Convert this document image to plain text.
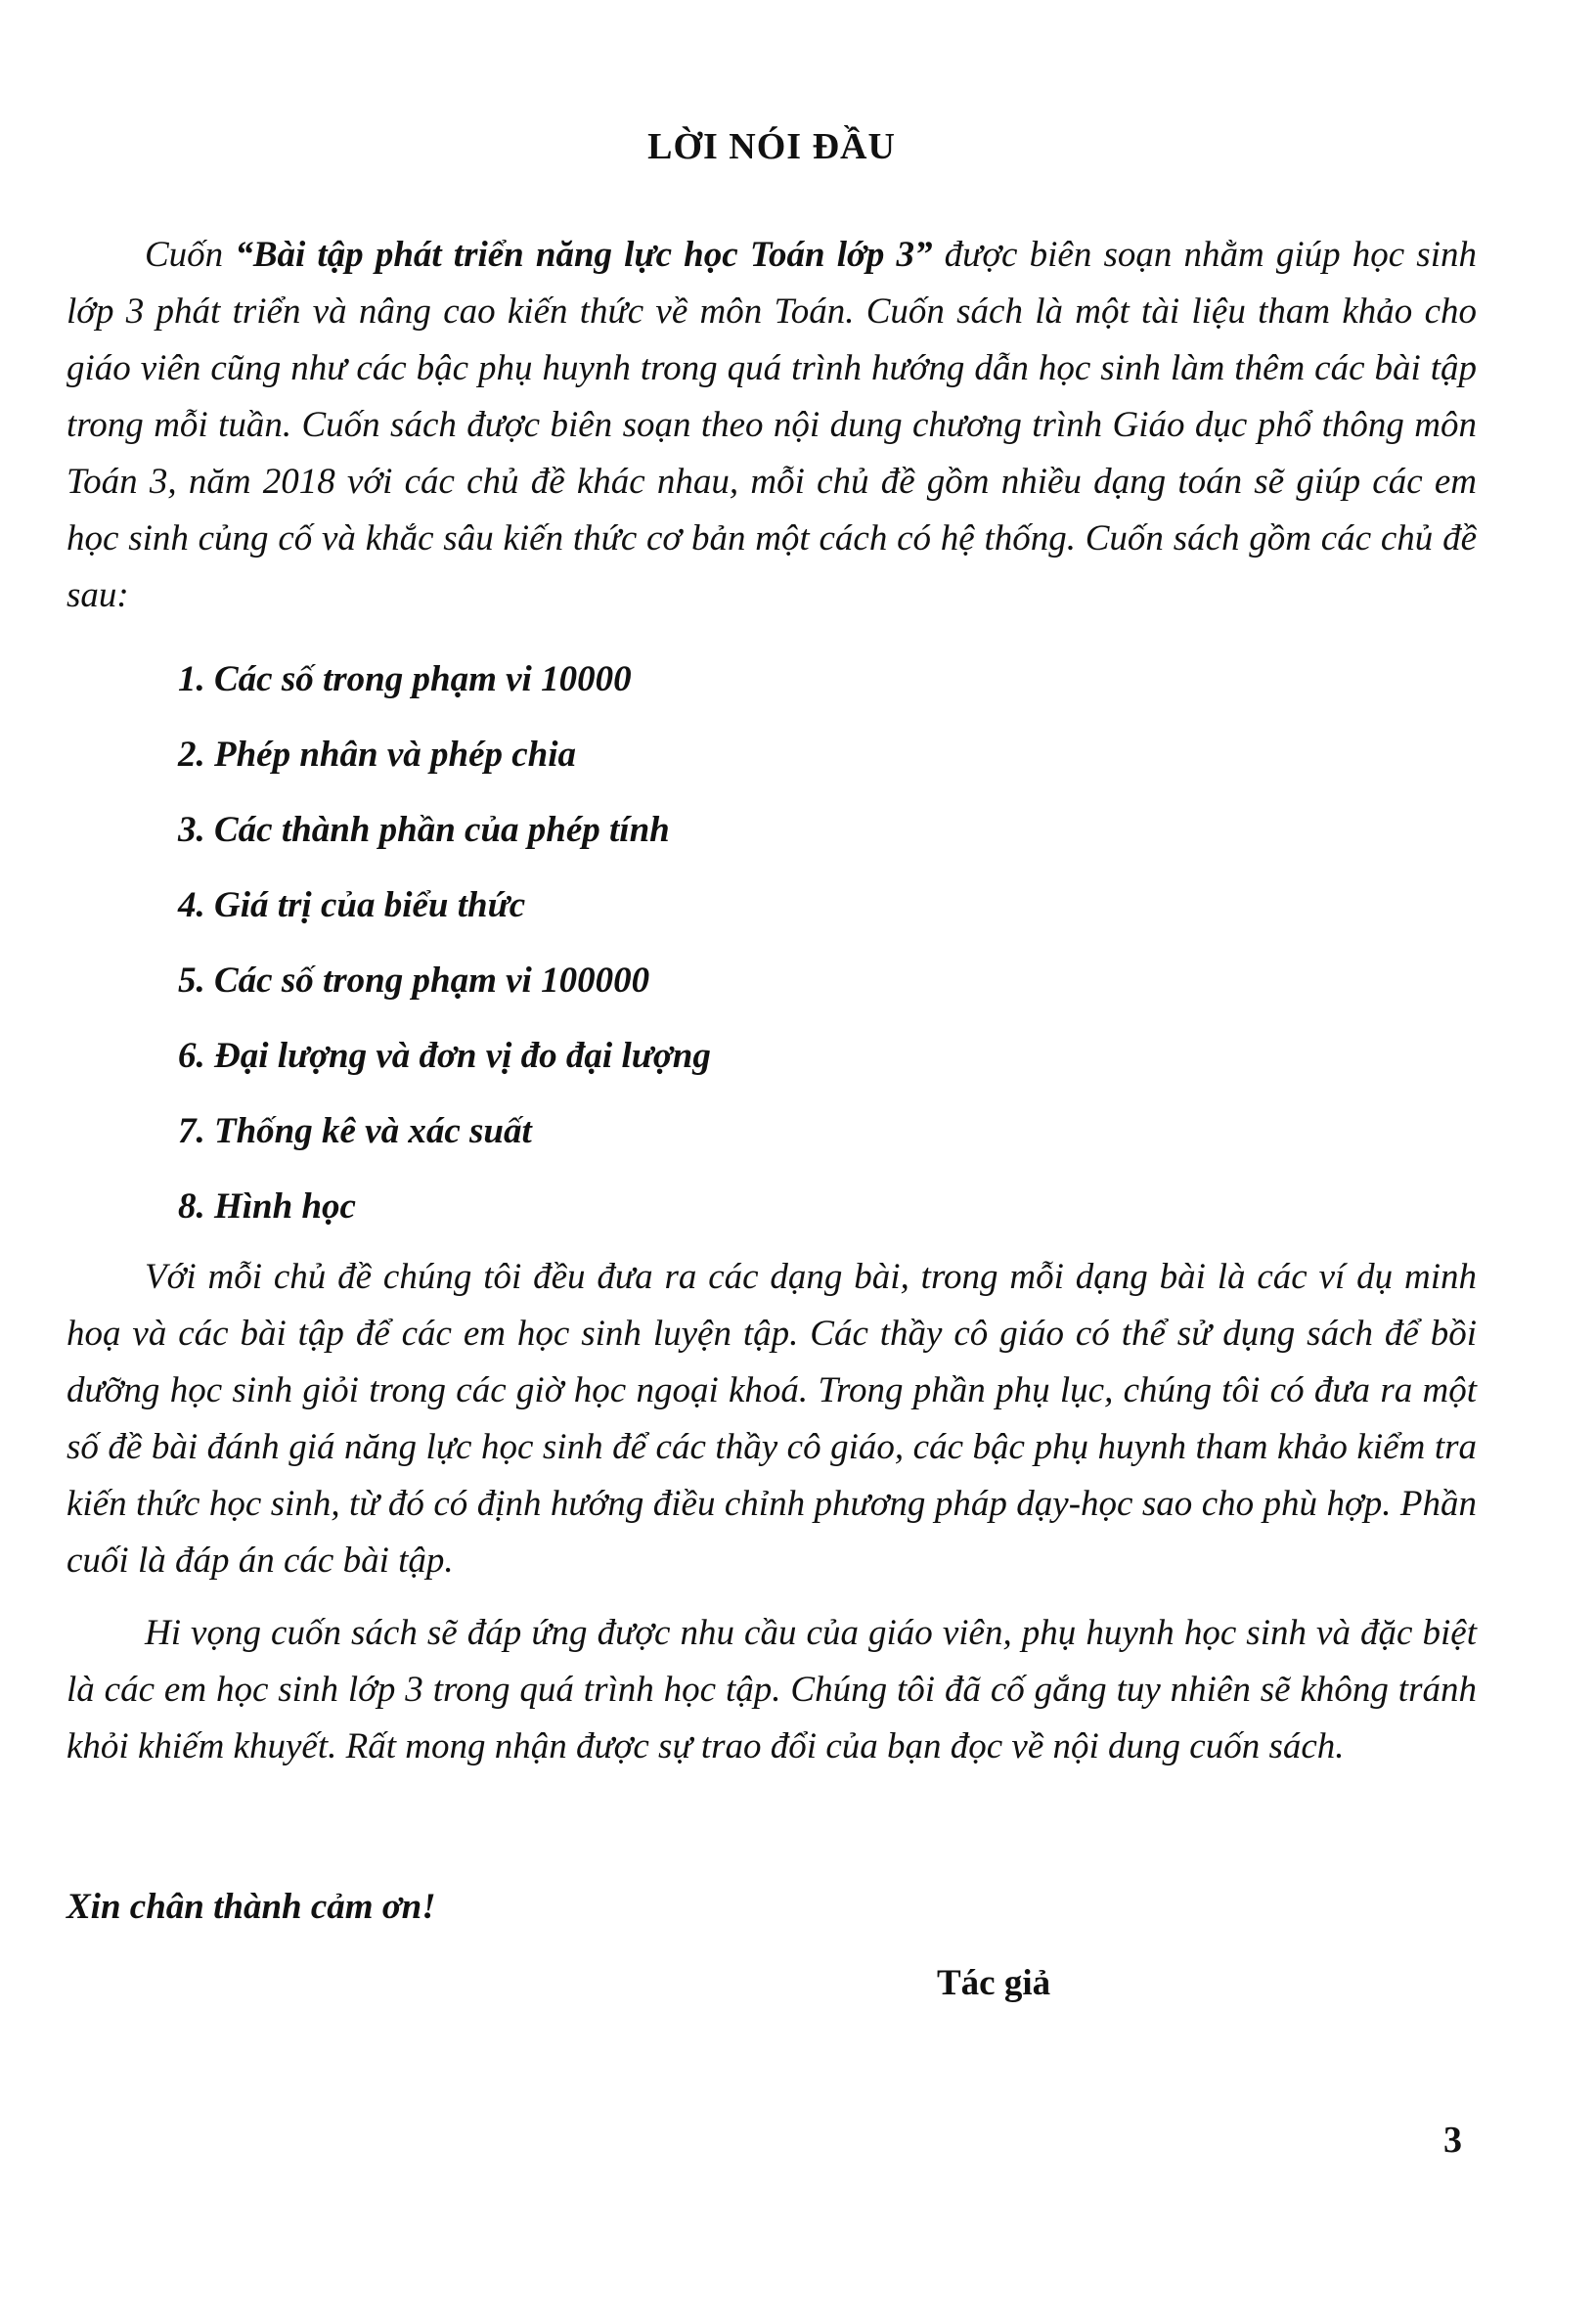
LỜI NÓI ĐẦU

Cuốn “Bài tập phát triển năng lực học Toán lớp 3” được biên soạn nhằm giúp học sinh lớp 3 phát triển và nâng cao kiến thức về môn Toán. Cuốn sách là một tài liệu tham khảo cho giáo viên cũng như các bậc phụ huynh trong quá trình hướng dẫn học sinh làm thêm các bài tập trong mỗi tuần. Cuốn sách được biên soạn theo nội dung chương trình Giáo dục phổ thông môn Toán 3, năm 2018 với các chủ đề khác nhau, mỗi chủ đề gồm nhiều dạng toán sẽ giúp các em học sinh củng cố và khắc sâu kiến thức cơ bản một cách có hệ thống. Cuốn sách gồm các chủ đề sau:

1. Các số trong phạm vi 10000
2. Phép nhân và phép chia
3. Các thành phần của phép tính
4. Giá trị của biểu thức
5. Các số trong phạm vi 100000
6. Đại lượng và đơn vị đo đại lượng
7. Thống kê và xác suất
8. Hình học

Với mỗi chủ đề chúng tôi đều đưa ra các dạng bài, trong mỗi dạng bài là các ví dụ minh hoạ và các bài tập để các em học sinh luyện tập. Các thầy cô giáo có thể sử dụng sách để bồi dưỡng học sinh giỏi trong các giờ học ngoại khoá. Trong phần phụ lục, chúng tôi có đưa ra một số đề bài đánh giá năng lực học sinh để các thầy cô giáo, các bậc phụ huynh tham khảo kiểm tra kiến thức học sinh, từ đó có định hướng điều chỉnh phương pháp dạy-học sao cho phù hợp. Phần cuối là đáp án các bài tập.

Hi vọng cuốn sách sẽ đáp ứng được nhu cầu của giáo viên, phụ huynh học sinh và đặc biệt là các em học sinh lớp 3 trong quá trình học tập. Chúng tôi đã cố gắng tuy nhiên sẽ không tránh khỏi khiếm khuyết. Rất mong nhận được sự trao đổi của bạn đọc về nội dung cuốn sách.

Xin chân thành cảm ơn!
Tác giả
3
